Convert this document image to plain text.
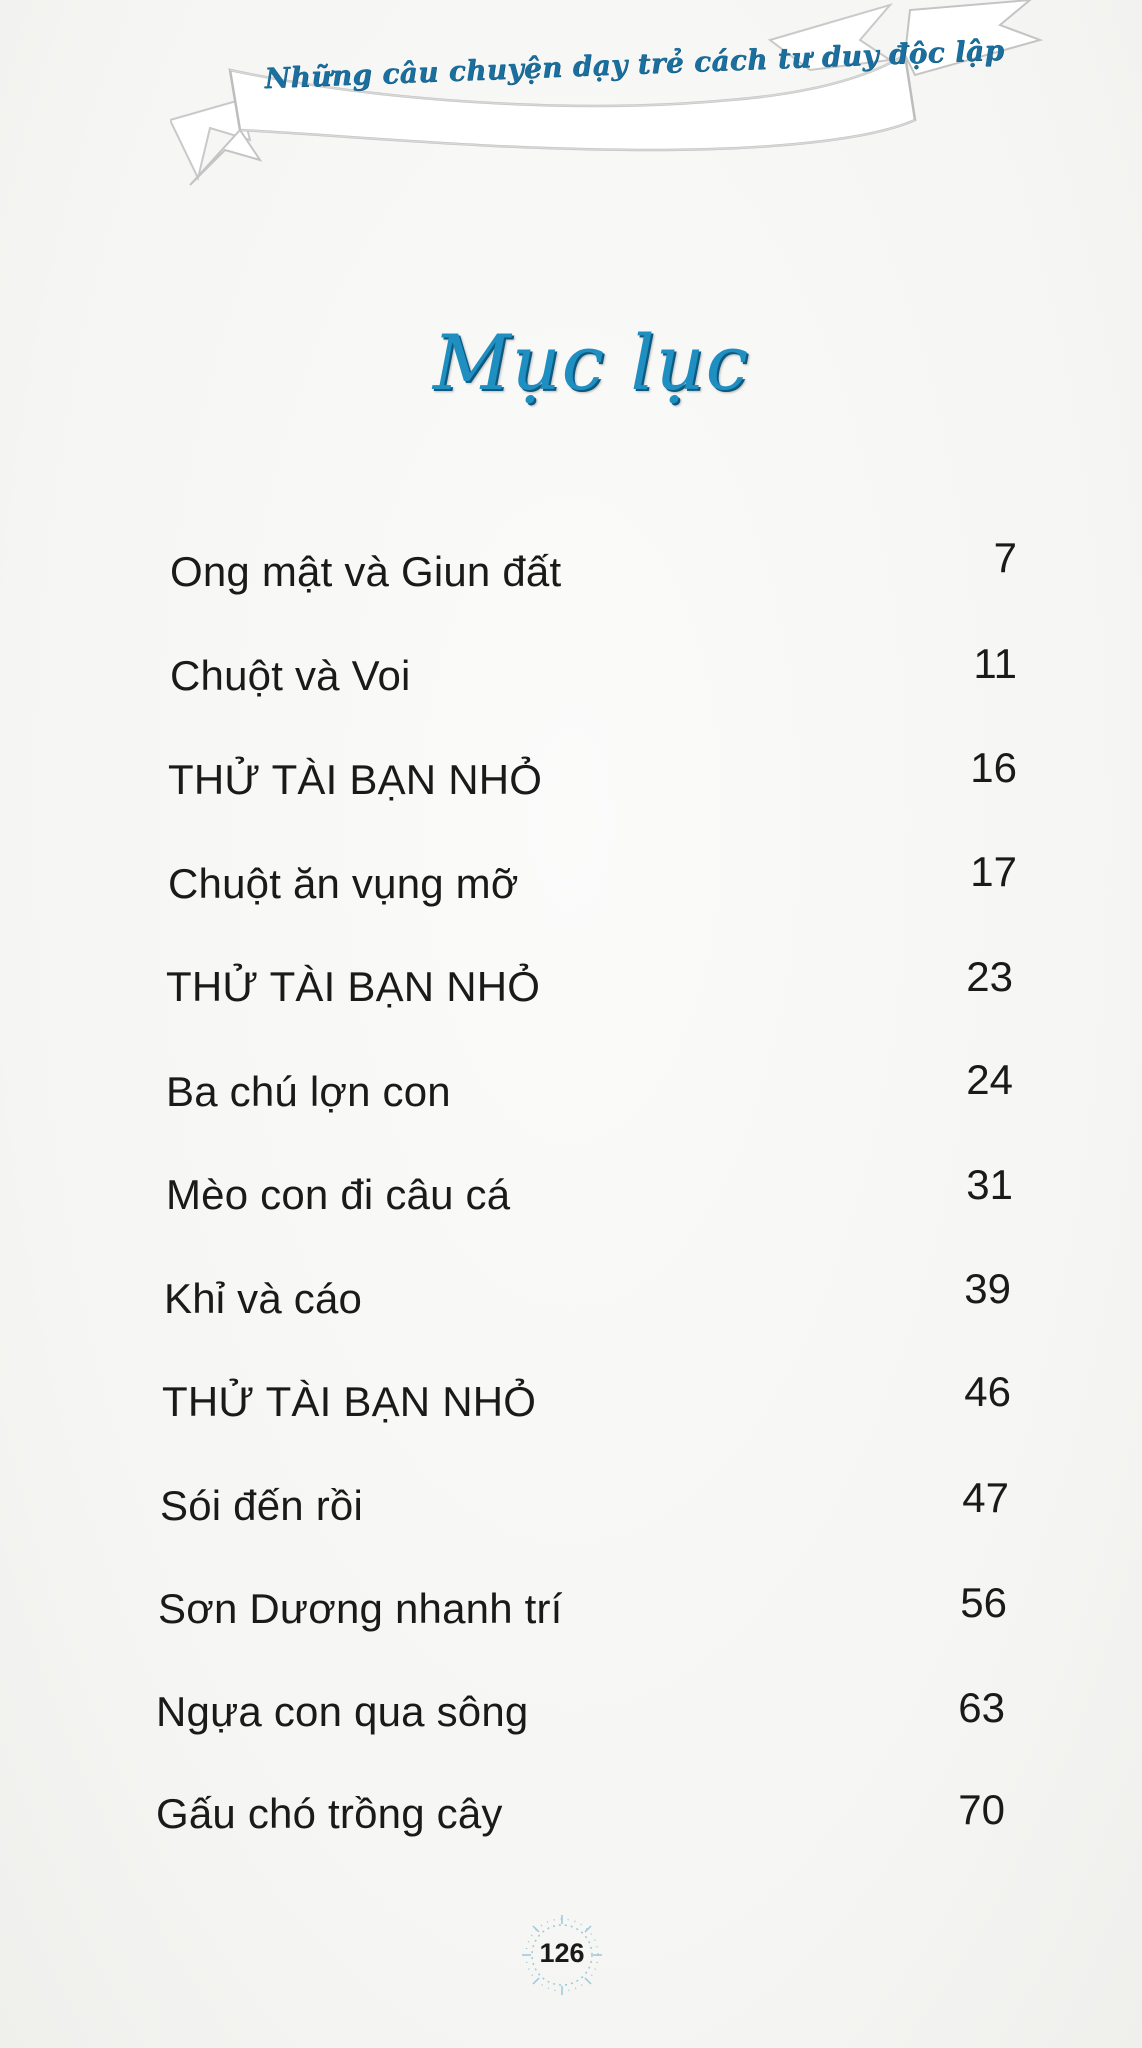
Những câu chuyện dạy trẻ cách tư duy độc lập
Mục lục
Ong mật và Giun đất	7
Chuột và Voi	11
THỬ TÀI BẠN NHỎ	16
Chuột ăn vụng mỡ	17
THỬ TÀI BẠN NHỎ	23
Ba chú lợn con	24
Mèo con đi câu cá	31
Khỉ và cáo	39
THỬ TÀI BẠN NHỎ	46
Sói đến rồi	47
Sơn Dương nhanh trí	56
Ngựa con qua sông	63
Gấu chó trồng cây	70
126
